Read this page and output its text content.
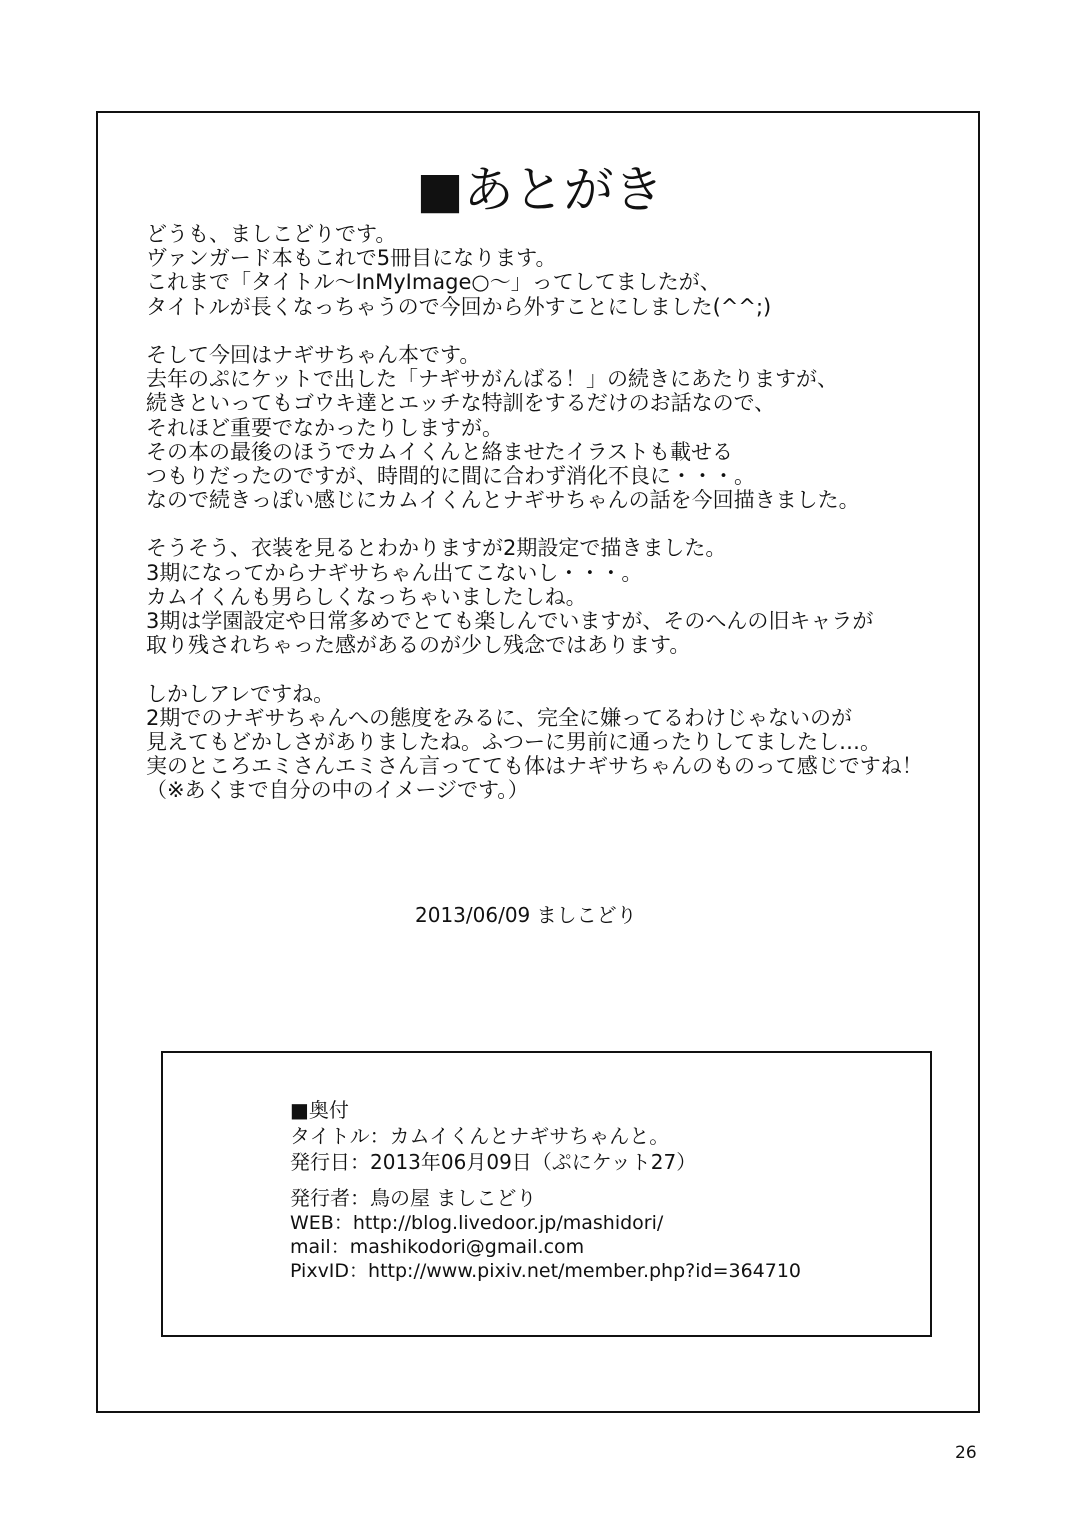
■あとがき
どうも、ましこどりです。
ヴァンガード本もこれで5冊目になります。
これまで「タイトル～InMyImage○～」ってしてましたが、
タイトルが長くなっちゃうので今回から外すことにしました(^^;)
そして今回はナギサちゃん本です。
去年のぷにケットで出した「ナギサがんばる！」の続きにあたりますが、
続きといってもゴウキ達とエッチな特訓をするだけのお話なので、
それほど重要でなかったりしますが。
その本の最後のほうでカムイくんと絡ませたイラストも載せる
つもりだったのですが、時間的に間に合わず消化不良に・・・。
なので続きっぽい感じにカムイくんとナギサちゃんの話を今回描きました。
そうそう、衣装を見るとわかりますが2期設定で描きました。
3期になってからナギサちゃん出てこないし・・・。
カムイくんも男らしくなっちゃいましたしね。
3期は学園設定や日常多めでとても楽しんでいますが、そのへんの旧キャラが
取り残されちゃった感があるのが少し残念ではあります。
しかしアレですね。
2期でのナギサちゃんへの態度をみるに、完全に嫌ってるわけじゃないのが
見えてもどかしさがありましたね。ふつーに男前に通ったりしてましたし…。
実のところエミさんエミさん言ってても体はナギサちゃんのものって感じですね！
（※あくまで自分の中のイメージです。）
2013/06/09 ましこどり
■奥付
タイトル：カムイくんとナギサちゃんと。
発行日：2013年06月09日（ぷにケット27）
発行者：鳥の屋 ましこどり
WEB：http://blog.livedoor.jp/mashidori/
mail：mashikodori@gmail.com
PixvID：http://www.pixiv.net/member.php?id=364710
26
